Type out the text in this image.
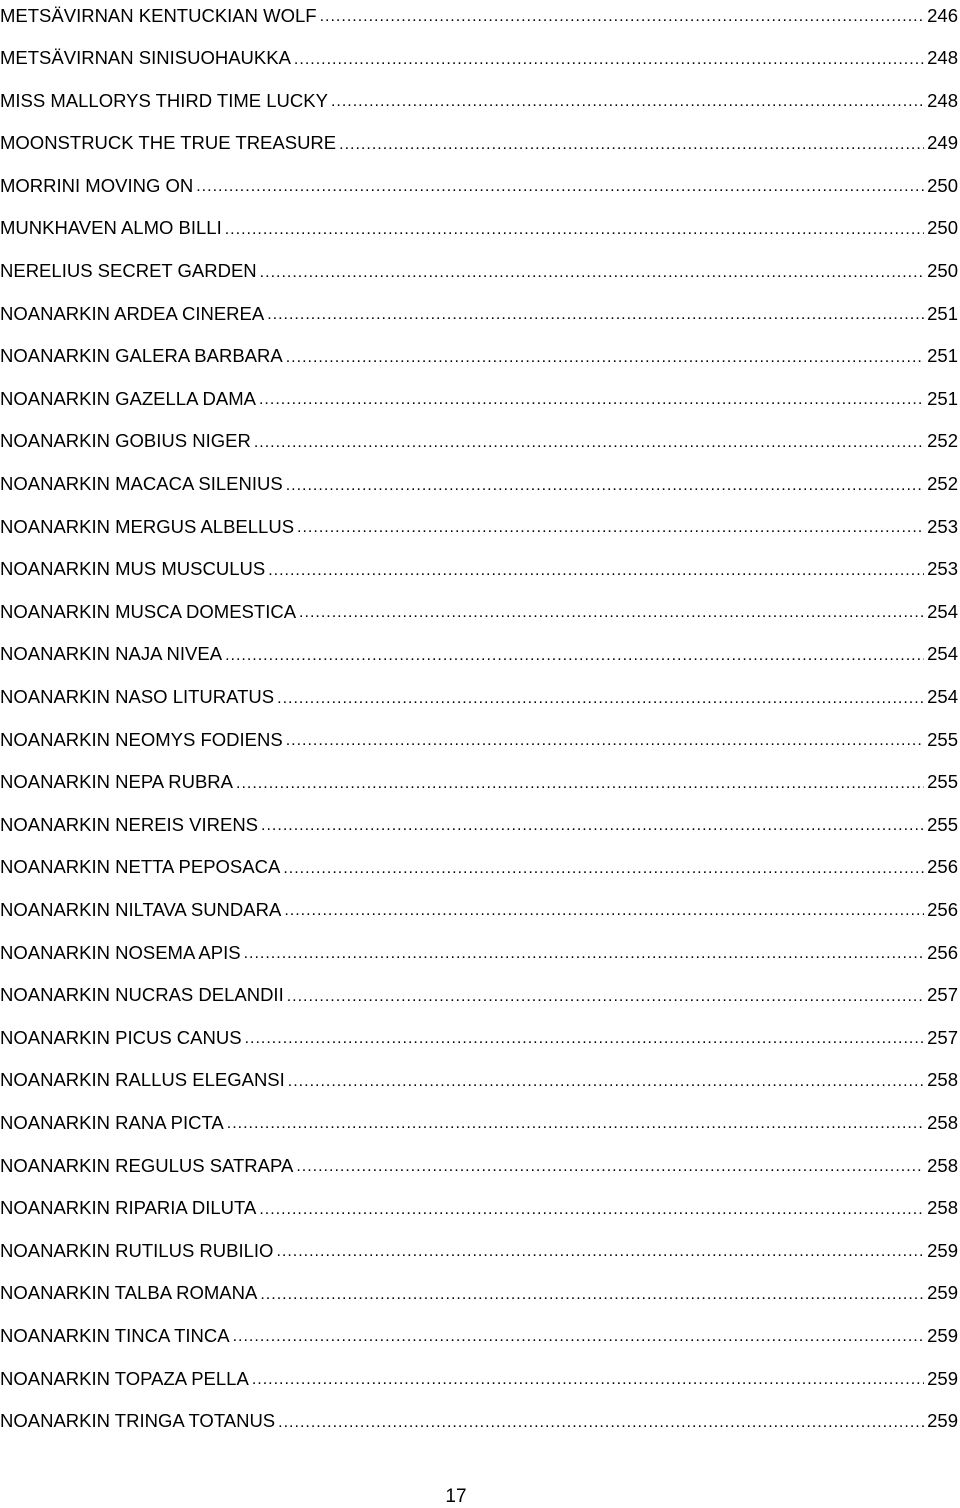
METSÄVIRNAN KENTUCKIAN WOLF .....	246
METSÄVIRNAN SINISUOHAUKKA .....	248
MISS MALLORYS THIRD TIME LUCKY .....	248
MOONSTRUCK THE TRUE TREASURE .....	249
MORRINI MOVING ON .....	250
MUNKHAVEN ALMO BILLI .....	250
NERELIUS SECRET GARDEN .....	250
NOANARKIN ARDEA CINEREA .....	251
NOANARKIN GALERA BARBARA .....	251
NOANARKIN GAZELLA DAMA .....	251
NOANARKIN GOBIUS NIGER .....	252
NOANARKIN MACACA SILENIUS .....	252
NOANARKIN MERGUS ALBELLUS .....	253
NOANARKIN MUS MUSCULUS .....	253
NOANARKIN MUSCA DOMESTICA .....	254
NOANARKIN NAJA NIVEA .....	254
NOANARKIN NASO LITURATUS .....	254
NOANARKIN NEOMYS FODIENS .....	255
NOANARKIN NEPA RUBRA .....	255
NOANARKIN NEREIS VIRENS .....	255
NOANARKIN NETTA PEPOSACA .....	256
NOANARKIN NILTAVA SUNDARA .....	256
NOANARKIN NOSEMA APIS .....	256
NOANARKIN NUCRAS DELANDII .....	257
NOANARKIN PICUS CANUS .....	257
NOANARKIN RALLUS ELEGANSI .....	258
NOANARKIN RANA PICTA .....	258
NOANARKIN REGULUS SATRAPA .....	258
NOANARKIN RIPARIA DILUTA .....	258
NOANARKIN RUTILUS RUBILIO .....	259
NOANARKIN TALBA ROMANA .....	259
NOANARKIN TINCA TINCA .....	259
NOANARKIN TOPAZA PELLA .....	259
NOANARKIN TRINGA TOTANUS .....	259
17
